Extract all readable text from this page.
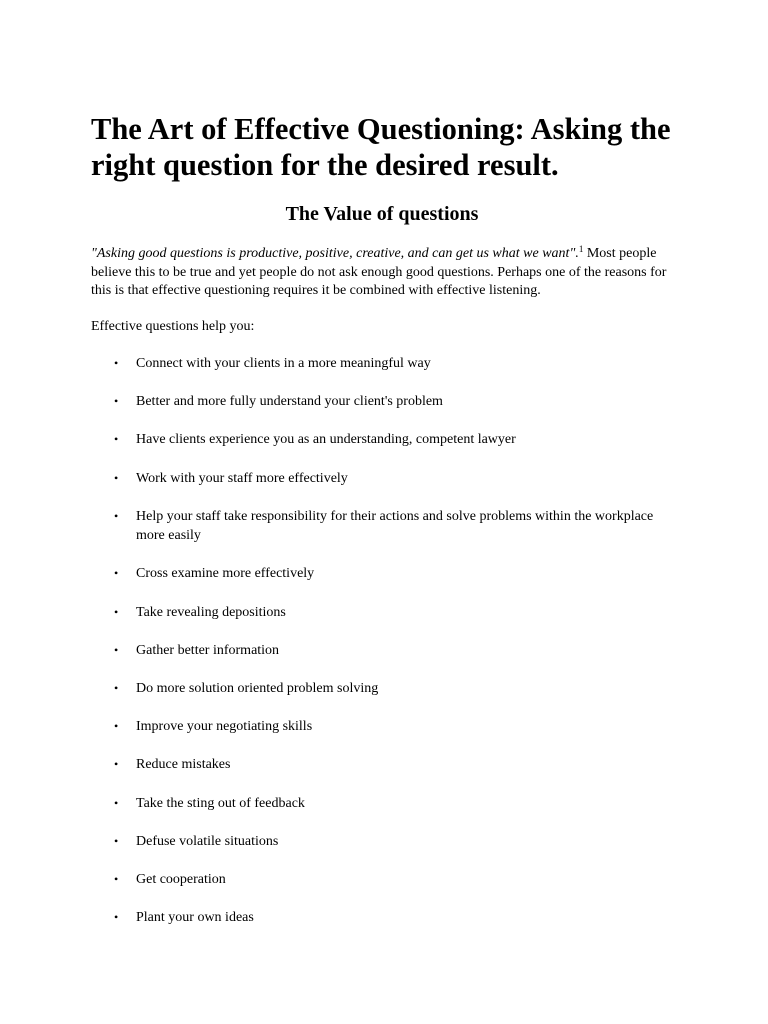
The Art of Effective Questioning: Asking the right question for the desired result.
The Value of questions

"Asking good questions is productive, positive, creative, and can get us what we want".$^1$ Most people believe this to be true and yet people do not ask enough good questions. Perhaps one of the reasons for this is that effective questioning requires it be combined with effective listening.

Effective questions help you:

• Connect with your clients in a more meaningful way
• Better and more fully understand your client's problem
• Have clients experience you as an understanding, competent lawyer
• Work with your staff more effectively
• Help your staff take responsibility for their actions and solve problems within the workplace more easily
• Cross examine more effectively
• Take revealing depositions
• Gather better information
• Do more solution oriented problem solving
• Improve your negotiating skills
• Reduce mistakes
• Take the sting out of feedback
• Defuse volatile situations
• Get cooperation
• Plant your own ideas
